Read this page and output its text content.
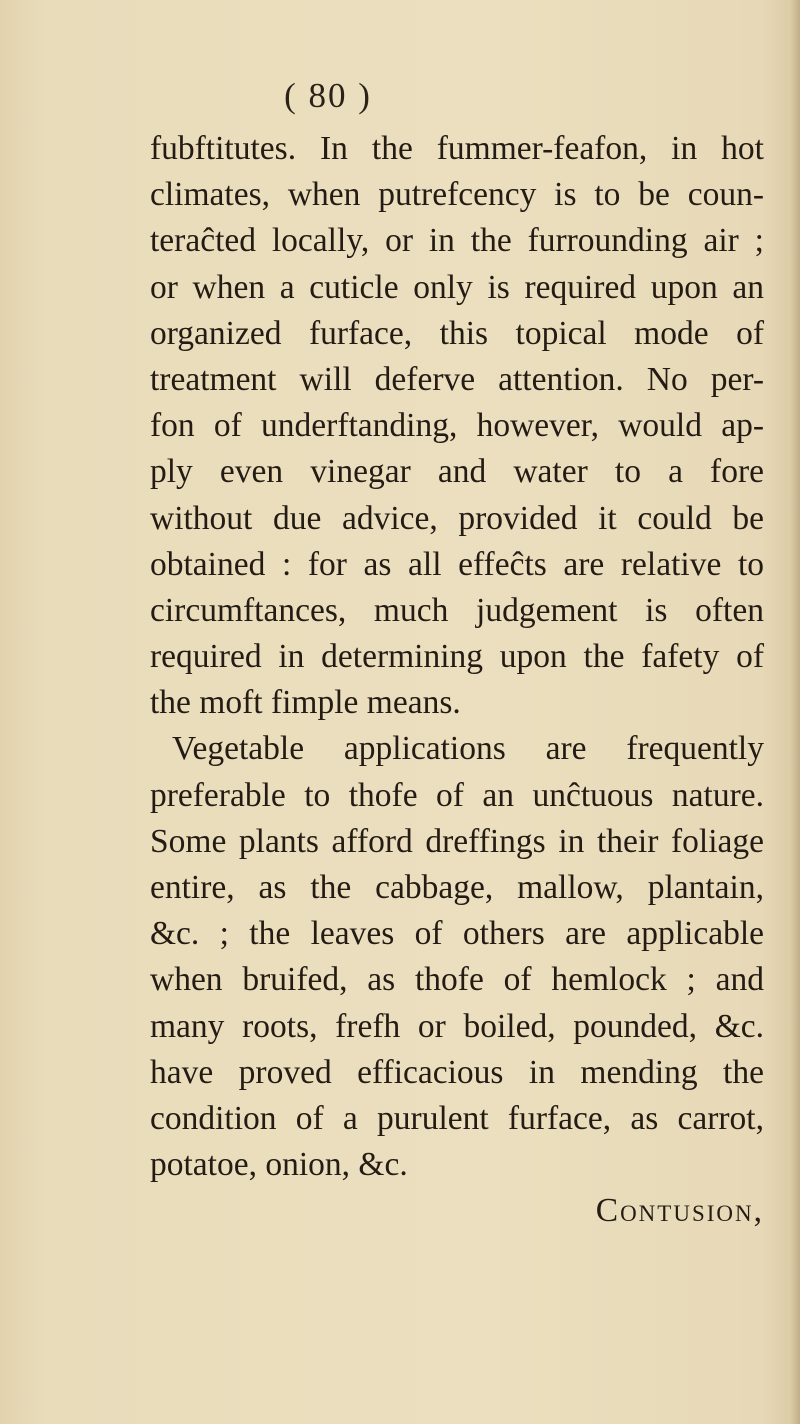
( 80 )
fubftitutes. In the fummer-feafon, in hot
climates, when putrefcency is to be coun-
teraĉted locally, or in the furrounding air ;
or when a cuticle only is required upon an
organized furface, this topical mode of
treatment will deferve attention. No per-
fon of underftanding, however, would ap-
ply even vinegar and water to a fore
without due advice, provided it could be
obtained : for as all effeĉts are relative to
circumftances, much judgement is often
required in determining upon the fafety of
the moft fimple means.
Vegetable applications are frequently
preferable to thofe of an unĉtuous nature.
Some plants afford dreffings in their foliage
entire, as the cabbage, mallow, plantain,
&c. ; the leaves of others are applicable
when bruifed, as thofe of hemlock ; and
many roots, frefh or boiled, pounded, &c.
have proved efficacious in mending the
condition of a purulent furface, as carrot,
potatoe, onion, &c.
Contusion,
